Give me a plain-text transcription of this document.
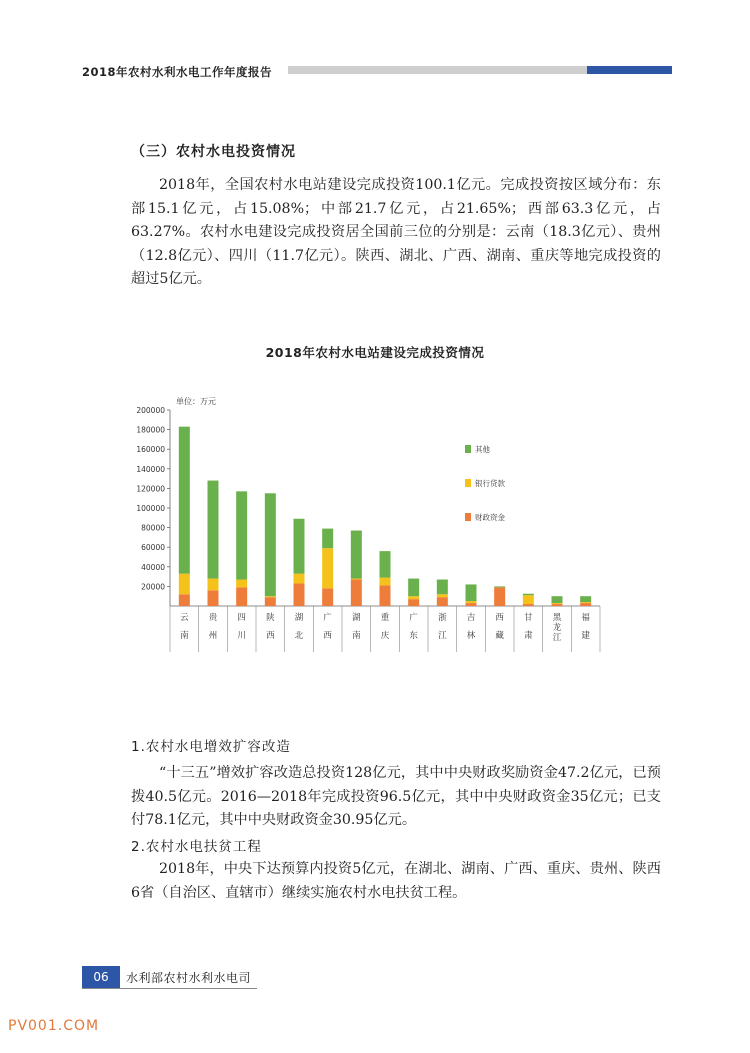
2018年农村水利水电工作年度报告
（三）农村水电投资情况
2018年，全国农村水电站建设完成投资100.1亿元。完成投资按区域分布：东部15.1亿元，占15.08%；中部21.7亿元，占21.65%；西部63.3亿元，占63.27%。农村水电建设完成投资居全国前三位的分别是：云南（18.3亿元）、贵州（12.8亿元）、四川（11.7亿元）。陕西、湖北、广西、湖南、重庆等地完成投资的超过5亿元。
2018年农村水电站建设完成投资情况
单位：万元
20000
40000
60000
80000
100000
120000
140000
160000
180000
200000
云
南
贵
州
四
川
陕
西
湖
北
广
西
湖
南
重
庆
广
东
浙
江
吉
林
西
藏
甘
肃
黑
龙
江
福
建
其他
银行贷款
财政资金
1.农村水电增效扩容改造
“十三五”增效扩容改造总投资128亿元，其中中央财政奖励资金47.2亿元，已预拨40.5亿元。2016—2018年完成投资96.5亿元，其中中央财政资金35亿元；已支付78.1亿元，其中中央财政资金30.95亿元。
2.农村水电扶贫工程
2018年，中央下达预算内投资5亿元，在湖北、湖南、广西、重庆、贵州、陕西6省（自治区、直辖市）继续实施农村水电扶贫工程。
06	水利部农村水利水电司
PV001.COM
